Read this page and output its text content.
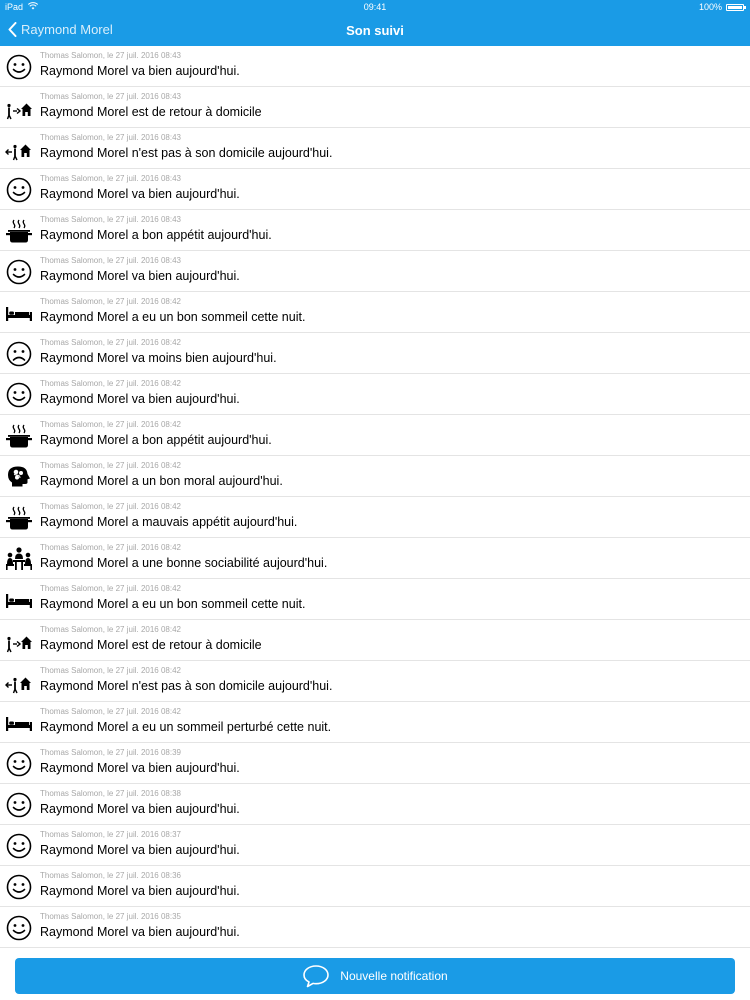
iPad	09:41	100%
Raymond Morel	Son suivi
Thomas Salomon, le 27 juil. 2016 08:43
Raymond Morel va bien aujourd'hui.
Thomas Salomon, le 27 juil. 2016 08:43
Raymond Morel est de retour à domicile
Thomas Salomon, le 27 juil. 2016 08:43
Raymond Morel n'est pas à son domicile aujourd'hui.
Thomas Salomon, le 27 juil. 2016 08:43
Raymond Morel va bien aujourd'hui.
Thomas Salomon, le 27 juil. 2016 08:43
Raymond Morel a bon appétit aujourd'hui.
Thomas Salomon, le 27 juil. 2016 08:43
Raymond Morel va bien aujourd'hui.
Thomas Salomon, le 27 juil. 2016 08:42
Raymond Morel a eu un bon sommeil cette nuit.
Thomas Salomon, le 27 juil. 2016 08:42
Raymond Morel va moins bien aujourd'hui.
Thomas Salomon, le 27 juil. 2016 08:42
Raymond Morel va bien aujourd'hui.
Thomas Salomon, le 27 juil. 2016 08:42
Raymond Morel a bon appétit aujourd'hui.
Thomas Salomon, le 27 juil. 2016 08:42
Raymond Morel a un bon moral aujourd'hui.
Thomas Salomon, le 27 juil. 2016 08:42
Raymond Morel a mauvais appétit aujourd'hui.
Thomas Salomon, le 27 juil. 2016 08:42
Raymond Morel a une bonne sociabilité aujourd'hui.
Thomas Salomon, le 27 juil. 2016 08:42
Raymond Morel a eu un bon sommeil cette nuit.
Thomas Salomon, le 27 juil. 2016 08:42
Raymond Morel est de retour à domicile
Thomas Salomon, le 27 juil. 2016 08:42
Raymond Morel n'est pas à son domicile aujourd'hui.
Thomas Salomon, le 27 juil. 2016 08:42
Raymond Morel a eu un sommeil perturbé cette nuit.
Thomas Salomon, le 27 juil. 2016 08:39
Raymond Morel va bien aujourd'hui.
Thomas Salomon, le 27 juil. 2016 08:38
Raymond Morel va bien aujourd'hui.
Thomas Salomon, le 27 juil. 2016 08:37
Raymond Morel va bien aujourd'hui.
Thomas Salomon, le 27 juil. 2016 08:36
Raymond Morel va bien aujourd'hui.
Thomas Salomon, le 27 juil. 2016 08:35
Raymond Morel va bien aujourd'hui.
Nouvelle notification
